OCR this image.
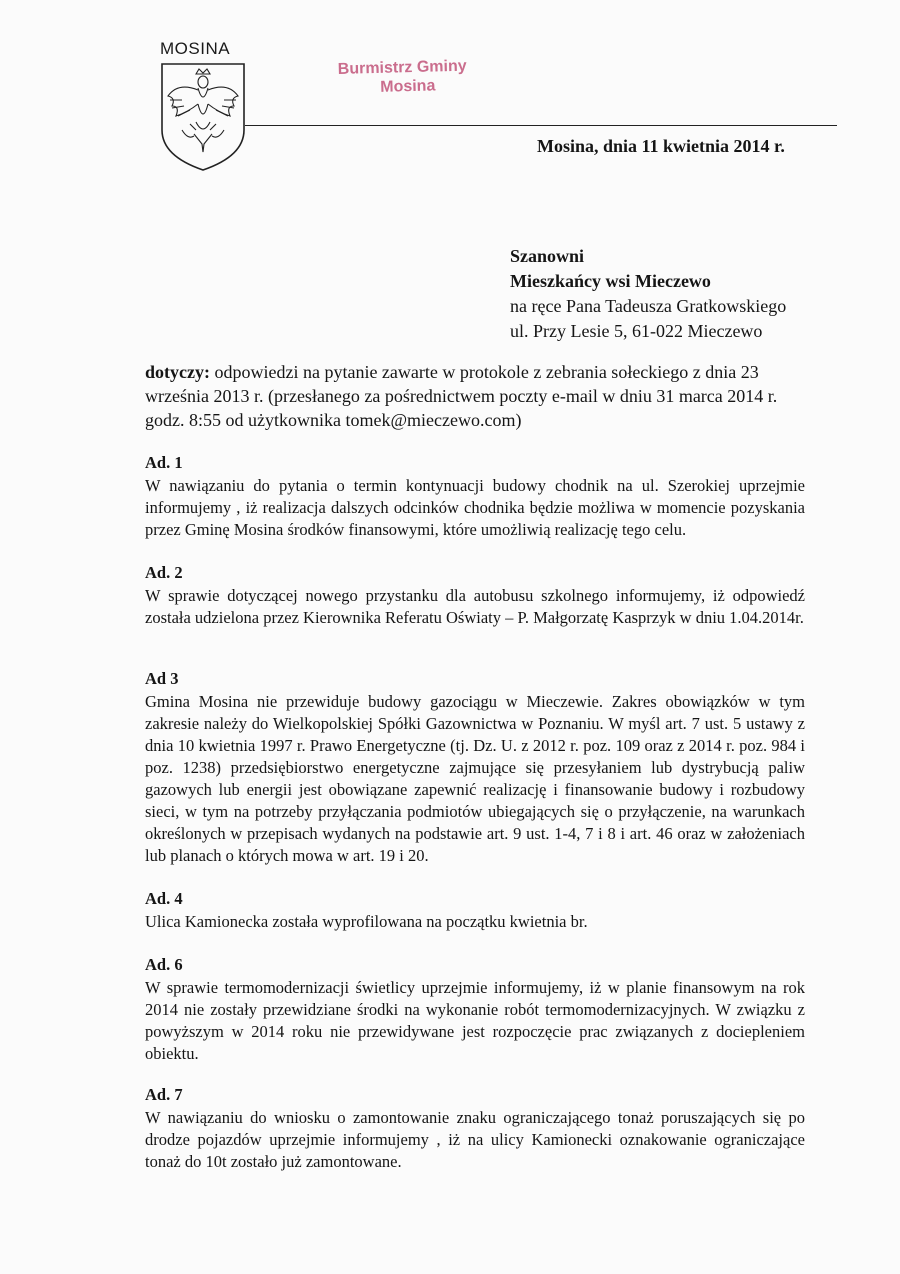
MOSINA
Burmistrz Gminy
Mosina
Mosina, dnia 11 kwietnia 2014 r.
Szanowni
Mieszkańcy wsi Mieczewo
na ręce Pana Tadeusza Gratkowskiego
ul. Przy Lesie 5, 61-022 Mieczewo
dotyczy: odpowiedzi na pytanie zawarte w protokole z zebrania sołeckiego z dnia 23 września 2013 r. (przesłanego za pośrednictwem poczty e-mail w dniu 31 marca 2014 r. godz. 8:55 od użytkownika tomek@mieczewo.com)
Ad. 1
W nawiązaniu do pytania o termin kontynuacji budowy chodnik na ul. Szerokiej uprzejmie informujemy , iż realizacja dalszych odcinków chodnika będzie możliwa w momencie pozyskania przez Gminę Mosina środków finansowymi, które umożliwią realizację tego celu.
Ad. 2
W sprawie dotyczącej nowego przystanku dla autobusu szkolnego informujemy, iż odpowiedź została udzielona przez Kierownika Referatu Oświaty – P. Małgorzatę Kasprzyk w dniu 1.04.2014r.
Ad 3
Gmina Mosina nie przewiduje budowy gazociągu w Mieczewie. Zakres obowiązków w tym zakresie należy do Wielkopolskiej Spółki Gazownictwa w Poznaniu. W myśl art. 7 ust. 5 ustawy z dnia 10 kwietnia 1997 r. Prawo Energetyczne (tj. Dz. U. z 2012 r. poz. 109 oraz z 2014 r. poz. 984 i poz. 1238) przedsiębiorstwo energetyczne zajmujące się przesyłaniem lub dystrybucją paliw gazowych lub energii jest obowiązane zapewnić realizację i finansowanie budowy i rozbudowy sieci, w tym na potrzeby przyłączania podmiotów ubiegających się o przyłączenie, na warunkach określonych w przepisach wydanych na podstawie art. 9 ust. 1-4, 7 i 8 i art. 46 oraz w założeniach lub planach o których mowa w art. 19 i 20.
Ad. 4
Ulica Kamionecka została wyprofilowana na początku kwietnia br.
Ad. 6
W sprawie termomodernizacji świetlicy uprzejmie informujemy, iż w planie finansowym na rok 2014 nie zostały przewidziane środki na wykonanie robót termomodernizacyjnych. W związku z powyższym w 2014 roku nie przewidywane jest rozpoczęcie prac związanych z dociepleniem obiektu.
Ad. 7
W nawiązaniu do wniosku o zamontowanie znaku ograniczającego tonaż poruszających się po drodze pojazdów uprzejmie informujemy , iż na ulicy Kamionecki oznakowanie ograniczające tonaż do 10t zostało już zamontowane.
